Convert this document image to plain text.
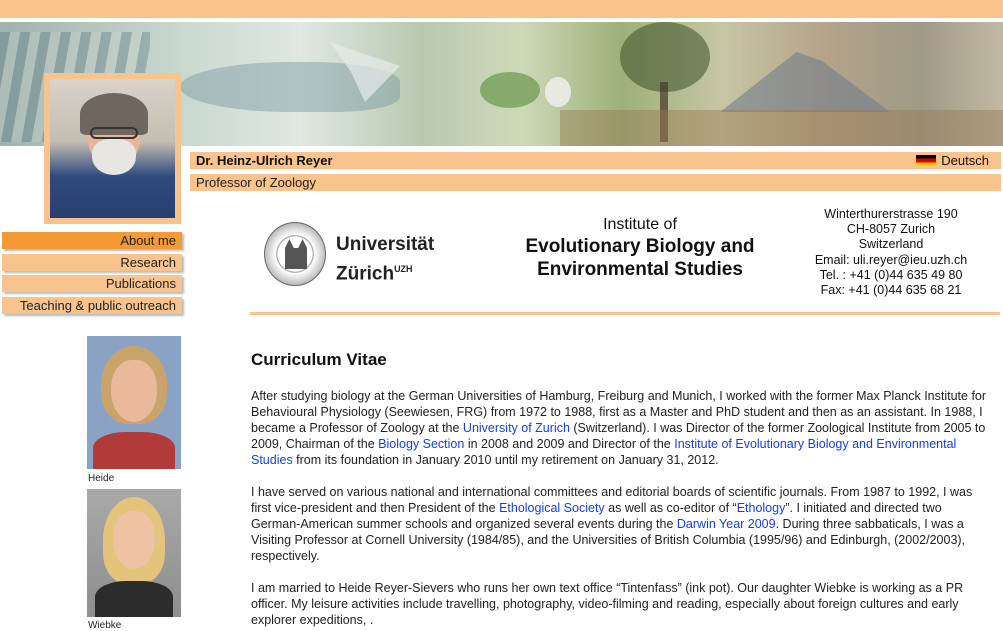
Dr. Heinz-Ulrich Reyer	Deutsch
Professor of Zoology
About me
Research
Publications
Teaching & public outreach
Universität
Zürich$^{UZH}$
Institute of
Evolutionary Biology and
Environmental Studies
Winterthurerstrasse 190
CH-8057 Zurich
Switzerland
Email: uli.reyer@ieu.uzh.ch
Tel. : +41 (0)44 635 49 80
Fax: +41 (0)44 635 68 21
Heide
Wiebke
Curriculum Vitae

After studying biology at the German Universities of Hamburg, Freiburg and Munich, I worked with the former Max Planck Institute for Behavioural Physiology (Seewiesen, FRG) from 1972 to 1988, first as a Master and PhD student and then as an assistant. In 1988, I became a Professor of Zoology at the University of Zurich (Switzerland). I was Director of the former Zoological Institute from 2005 to 2009, Chairman of the Biology Section in 2008 and 2009 and Director of the Institute of Evolutionary Biology and Environmental Studies from its foundation in January 2010 until my retirement on January 31, 2012.

I have served on various national and international committees and editorial boards of scientific journals. From 1987 to 1992, I was first vice-president and then President of the Ethological Society as well as co-editor of “Ethology”. I initiated and directed two German-American summer schools and organized several events during the Darwin Year 2009. During three sabbaticals, I was a Visiting Professor at Cornell University (1984/85), and the Universities of British Columbia (1995/96) and Edinburgh, (2002/2003), respectively.

I am married to Heide Reyer-Sievers who runs her own text office “Tintenfass” (ink pot). Our daughter Wiebke is working as a PR officer. My leisure activities include travelling, photography, video-filming and reading, especially about foreign cultures and early explorer expeditions, .
